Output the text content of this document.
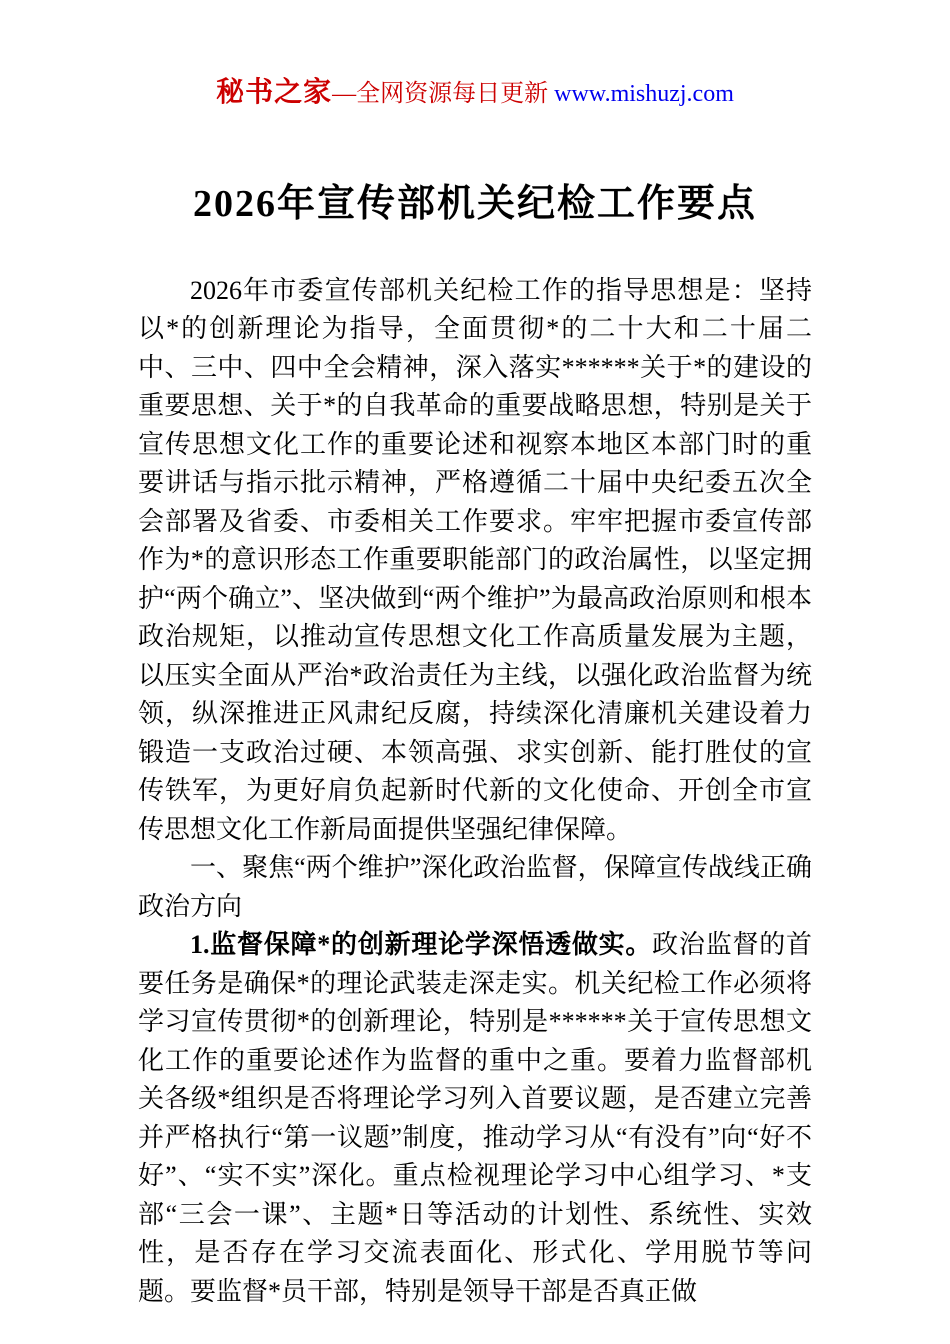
秘书之家—全网资源每日更新 www.mishuzj.com
2026年宣传部机关纪检工作要点

2026年市委宣传部机关纪检工作的指导思想是：坚持以*的创新理论为指导，全面贯彻*的二十大和二十届二中、三中、四中全会精神，深入落实******关于*的建设的重要思想、关于*的自我革命的重要战略思想，特别是关于宣传思想文化工作的重要论述和视察本地区本部门时的重要讲话与指示批示精神，严格遵循二十届中央纪委五次全会部署及省委、市委相关工作要求。牢牢把握市委宣传部作为*的意识形态工作重要职能部门的政治属性，以坚定拥护“两个确立”、坚决做到“两个维护”为最高政治原则和根本政治规矩，以推动宣传思想文化工作高质量发展为主题，以压实全面从严治*政治责任为主线，以强化政治监督为统领，纵深推进正风肃纪反腐，持续深化清廉机关建设着力锻造一支政治过硬、本领高强、求实创新、能打胜仗的宣传铁军，为更好肩负起新时代新的文化使命、开创全市宣传思想文化工作新局面提供坚强纪律保障。

一、聚焦“两个维护”深化政治监督，保障宣传战线正确政治方向

1.监督保障*的创新理论学深悟透做实。政治监督的首要任务是确保*的理论武装走深走实。机关纪检工作必须将学习宣传贯彻*的创新理论，特别是******关于宣传思想文化工作的重要论述作为监督的重中之重。要着力监督部机关各级*组织是否将理论学习列入首要议题，是否建立完善并严格执行“第一议题”制度，推动学习从“有没有”向“好不好”、“实不实”深化。重点检视理论学习中心组学习、*支部“三会一课”、主题*日等活动的计划性、系统性、实效性，是否存在学习交流表面化、形式化、学用脱节等问题。要监督*员干部，特别是领导干部是否真正做
